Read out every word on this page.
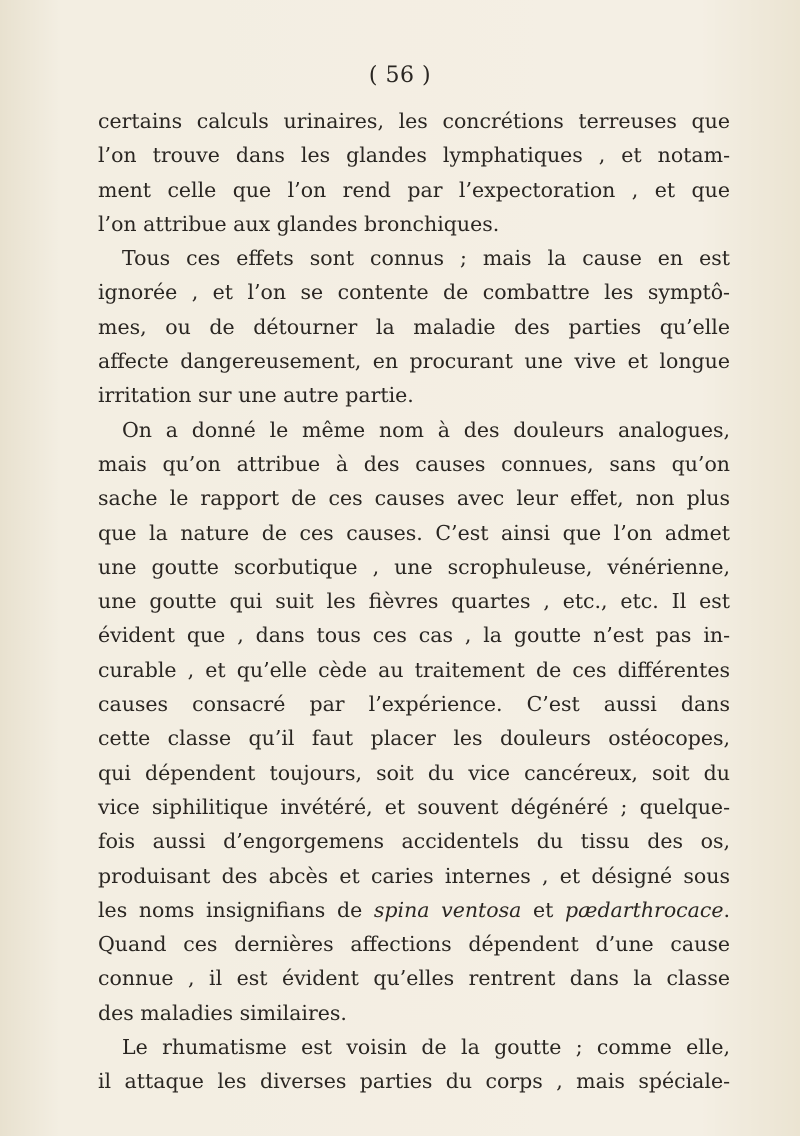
( 56 )
certains calculs urinaires, les concrétions terreuses que
l’on trouve dans les glandes lymphatiques , et notam-
ment celle que l’on rend par l’expectoration , et que
l’on attribue aux glandes bronchiques.
Tous ces effets sont connus ; mais la cause en est
ignorée , et l’on se contente de combattre les symptô-
mes, ou de détourner la maladie des parties qu’elle
affecte dangereusement, en procurant une vive et longue
irritation sur une autre partie.
On a donné le même nom à des douleurs analogues,
mais qu’on attribue à des causes connues, sans qu’on
sache le rapport de ces causes avec leur effet, non plus
que la nature de ces causes. C’est ainsi que l’on admet
une goutte scorbutique , une scrophuleuse, vénérienne,
une goutte qui suit les fièvres quartes , etc., etc. Il est
évident que , dans tous ces cas , la goutte n’est pas in-
curable , et qu’elle cède au traitement de ces différentes
causes consacré par l’expérience. C’est aussi dans
cette classe qu’il faut placer les douleurs ostéocopes,
qui dépendent toujours, soit du vice cancéreux, soit du
vice siphilitique invétéré, et souvent dégénéré ; quelque-
fois aussi d’engorgemens accidentels du tissu des os,
produisant des abcès et caries internes , et désigné sous
les noms insignifians de spina ventosa et pædarthrocace.
Quand ces dernières affections dépendent d’une cause
connue , il est évident qu’elles rentrent dans la classe
des maladies similaires.
Le rhumatisme est voisin de la goutte ; comme elle,
il attaque les diverses parties du corps , mais spéciale-
